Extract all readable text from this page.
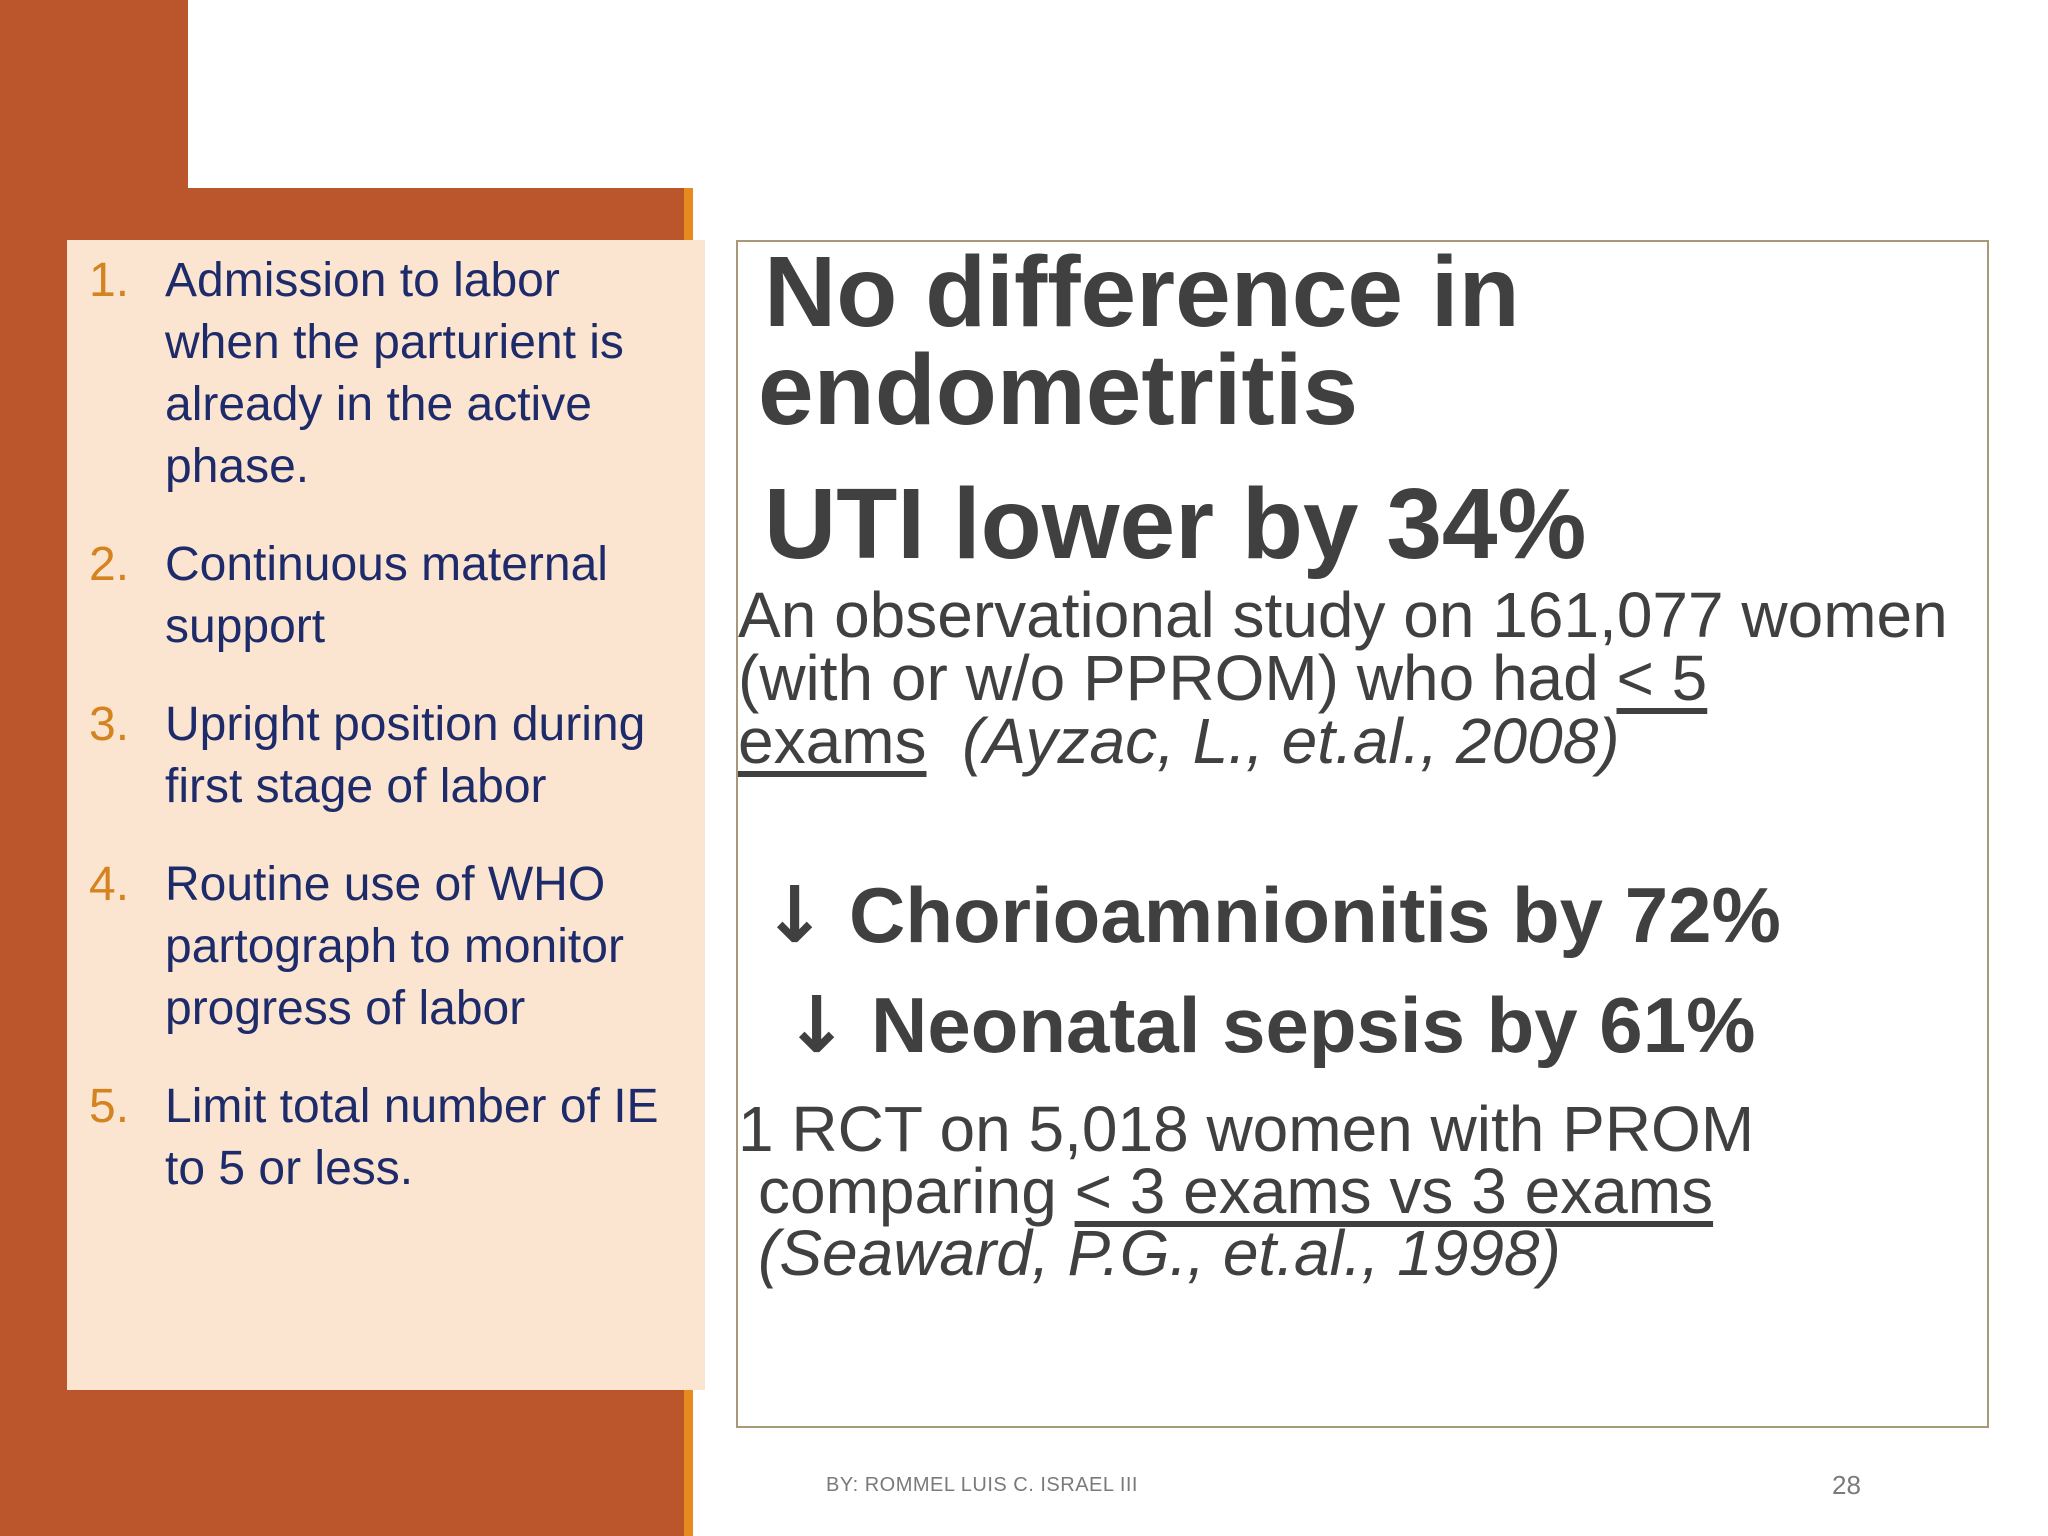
1. Admission to labor when the parturient is already in the active phase.
2. Continuous maternal support
3. Upright position during first stage of labor
4. Routine use of WHO partograph to monitor progress of labor
5. Limit total number of IE to 5 or less.
No difference in
endometritis
UTI lower by 34%
An observational study on 161,077 women (with or w/o PPROM) who had < 5 exams (Ayzac, L., et.al., 2008)
↓ Chorioamnionitis by 72%
↓ Neonatal sepsis by 61%
1 RCT on 5,018 women with PROM
comparing < 3 exams vs 3 exams
(Seaward, P.G., et.al., 1998)
BY: ROMMEL LUIS C. ISRAEL III	28
